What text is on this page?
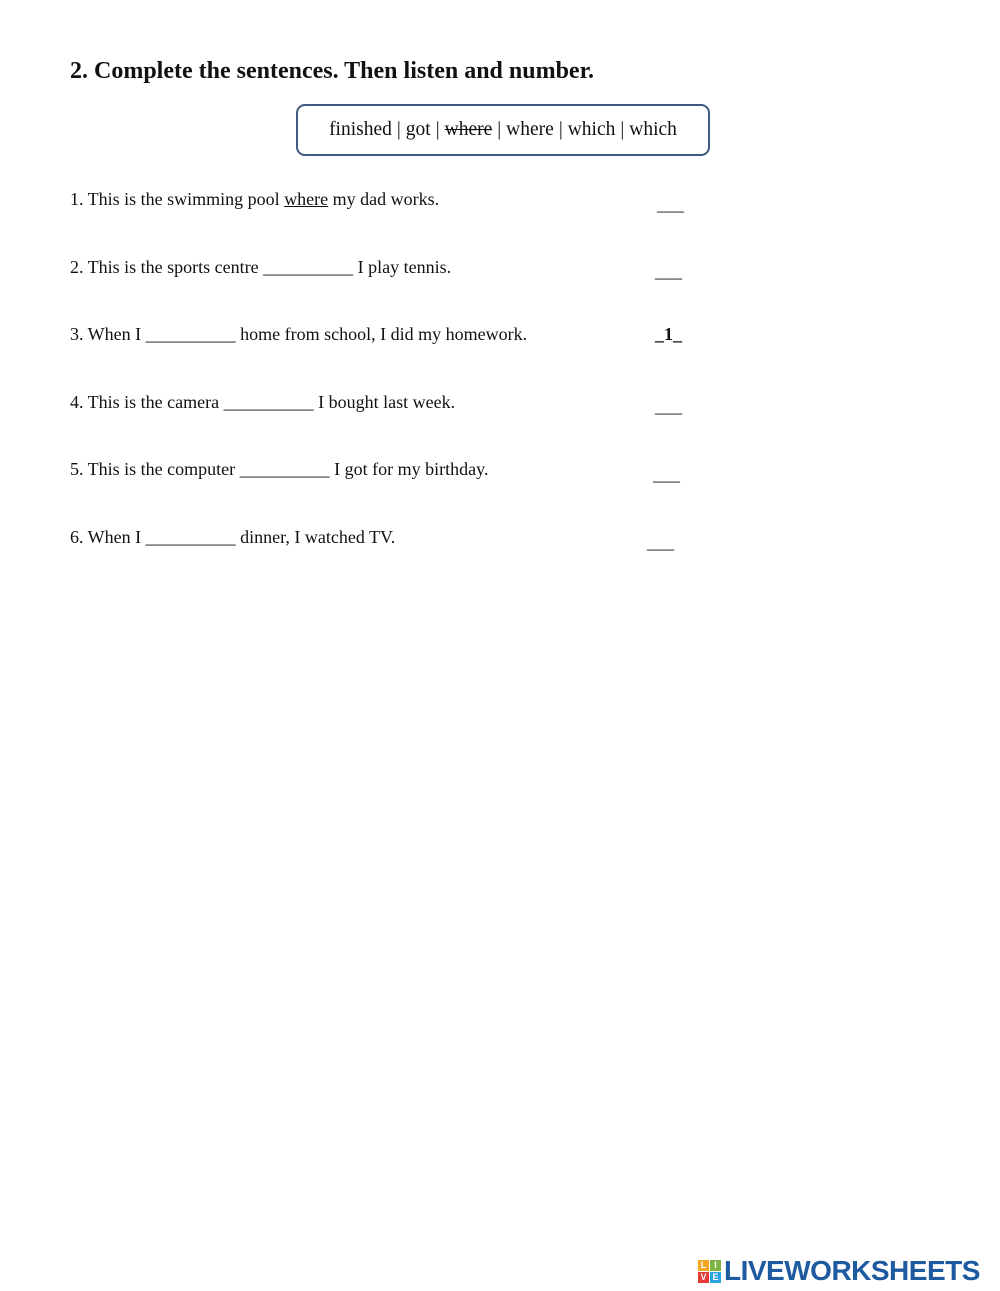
2. Complete the sentences. Then listen and number.
finished | got | where | where | which | which
1. This is the swimming pool where my dad works.	___
2. This is the sports centre __________ I play tennis.	___
3. When I __________ home from school, I did my homework.	_1_
4. This is the camera __________ I bought last week.	___
5. This is the computer __________ I got for my birthday.	___
6. When I __________ dinner, I watched TV.	___
L I
V E LIVEWORKSHEETS
